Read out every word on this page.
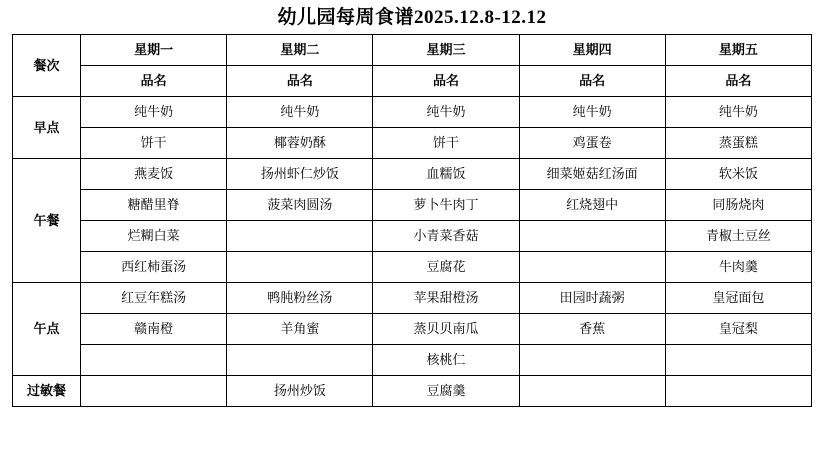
幼儿园每周食谱2025.12.8-12.12
餐次	星期一	星期二	星期三	星期四	星期五
	品名	品名	品名	品名	品名
早点	纯牛奶	纯牛奶	纯牛奶	纯牛奶	纯牛奶
	饼干	椰蓉奶酥	饼干	鸡蛋卷	蒸蛋糕
午餐	燕麦饭	扬州虾仁炒饭	血糯饭	细菜姬菇红汤面	软米饭
	糖醋里脊	菠菜肉圆汤	萝卜牛肉丁	红烧翅中	同肠烧肉
	烂糊白菜		小青菜香菇		青椒土豆丝
	西红柿蛋汤		豆腐花		牛肉羹
午点	红豆年糕汤	鸭肫粉丝汤	苹果甜橙汤	田园时蔬粥	皇冠面包
	赣南橙	羊角蜜	蒸贝贝南瓜	香蕉	皇冠梨
			核桃仁		
过敏餐		扬州炒饭	豆腐羹		
